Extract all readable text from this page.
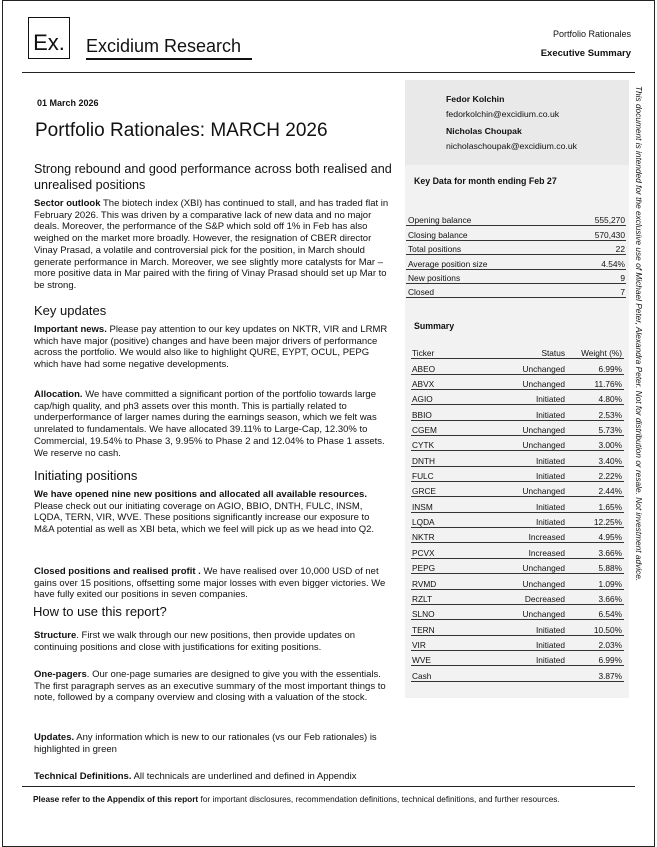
Ex. Excidium Research
Portfolio Rationales
Executive Summary
01 March 2026
Portfolio Rationales: MARCH 2026
Strong rebound and good performance across both realised and unrealised positions
Sector outlook The biotech index (XBI) has continued to stall, and has traded flat in February 2026. This was driven by a comparative lack of new data and no major deals. Moreover, the performance of the S&P which sold off 1% in Feb has also weighed on the market more broadly. However, the resignation of CBER director Vinay Prasad, a volatile and controversial pick for the position, in March should generate performance in March. Moreover, we see slightly more catalysts for Mar – more positive data in Mar paired with the firing of Vinay Prasad should set up Mar to be strong.
Key updates
Important news. Please pay attention to our key updates on NKTR, VIR and LRMR which have major (positive) changes and have been major drivers of performance across the portfolio. We would also like to highlight QURE, EYPT, OCUL, PEPG which have had some negative developments.
Allocation. We have committed a significant portion of the portfolio towards large cap/high quality, and ph3 assets over this month. This is partially related to underperformance of larger names during the earnings season, which we felt was unrelated to fundamentals. We have allocated 39.11% to Large-Cap, 12.30% to Commercial, 19.54% to Phase 3, 9.95% to Phase 2 and 12.04% to Phase 1 assets. We reserve no cash.
Initiating positions
We have opened nine new positions and allocated all available resources. Please check out our initiating coverage on AGIO, BBIO, DNTH, FULC, INSM, LQDA, TERN, VIR, WVE. These positions significantly increase our exposure to M&A potential as well as XBI beta, which we feel will pick up as we head into Q2.
Closed positions and realised profit . We have realised over 10,000 USD of net gains over 15 positions, offsetting some major losses with even bigger victories. We have fully exited our positions in seven companies.
How to use this report?
Structure. First we walk through our new positions, then provide updates on continuing positions and close with justifications for exiting positions.
One-pagers. Our one-page sumaries are designed to give you with the essentials. The first paragraph serves as an executive summary of the most important things to note, followed by a company overview and closing with a valuation of the stock.
Updates. Any information which is new to our rationales (vs our Feb rationales) is highlighted in green
Technical Definitions. All technicals are underlined and defined in Appendix
Fedor Kolchin
fedorkolchin@excidium.co.uk
Nicholas Choupak
nicholaschoupak@excidium.co.uk
Key Data for month ending Feb 27
Opening balance	555,270
Closing balance	570,430
Total positions	22
Average position size	4.54%
New positions	9
Closed	7
Summary
Ticker	Status	Weight (%)
ABEO	Unchanged	6.99%
ABVX	Unchanged	11.76%
AGIO	Initiated	4.80%
BBIO	Initiated	2.53%
CGEM	Unchanged	5.73%
CYTK	Unchanged	3.00%
DNTH	Initiated	3.40%
FULC	Initiated	2.22%
GRCE	Unchanged	2.44%
INSM	Initiated	1.65%
LQDA	Initiated	12.25%
NKTR	Increased	4.95%
PCVX	Increased	3.66%
PEPG	Unchanged	5.88%
RVMD	Unchanged	1.09%
RZLT	Decreased	3.66%
SLNO	Unchanged	6.54%
TERN	Initiated	10.50%
VIR	Initiated	2.03%
WVE	Initiated	6.99%
Cash		3.87%
This document is intended for the exclusive use of Michael Peter, Alexandra Peter. Not for distribution or resale. Not investment advice.
Please refer to the Appendix of this report for important disclosures, recommendation definitions, technical definitions, and further resources.
